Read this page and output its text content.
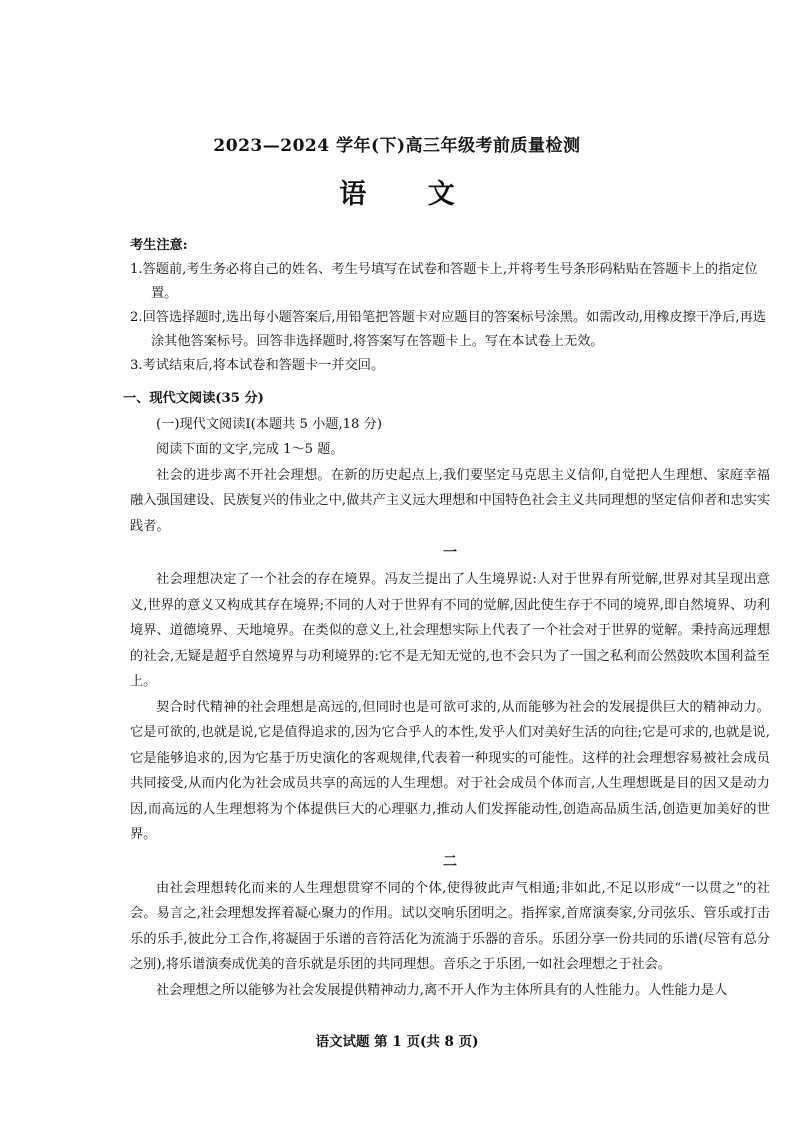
2023—2024 学年(下)高三年级考前质量检测
语 文
考生注意:
1.答题前,考生务必将自己的姓名、考生号填写在试卷和答题卡上,并将考生号条形码粘贴在答题卡上的指定位置。
2.回答选择题时,选出每小题答案后,用铅笔把答题卡对应题目的答案标号涂黑。如需改动,用橡皮擦干净后,再选涂其他答案标号。回答非选择题时,将答案写在答题卡上。写在本试卷上无效。
3.考试结束后,将本试卷和答题卡一并交回。
一、现代文阅读(35 分)
(一)现代文阅读Ⅰ(本题共 5 小题,18 分)
阅读下面的文字,完成 1～5 题。

社会的进步离不开社会理想。在新的历史起点上,我们要坚定马克思主义信仰,自觉把人生理想、家庭幸福融入强国建设、民族复兴的伟业之中,做共产主义远大理想和中国特色社会主义共同理想的坚定信仰者和忠实实践者。

一

社会理想决定了一个社会的存在境界。冯友兰提出了人生境界说:人对于世界有所觉解,世界对其呈现出意义,世界的意义又构成其存在境界;不同的人对于世界有不同的觉解,因此使生存于不同的境界,即自然境界、功利境界、道德境界、天地境界。在类似的意义上,社会理想实际上代表了一个社会对于世界的觉解。秉持高远理想的社会,无疑是超乎自然境界与功利境界的:它不是无知无觉的,也不会只为了一国之私利而公然鼓吹本国利益至上。

契合时代精神的社会理想是高远的,但同时也是可欲可求的,从而能够为社会的发展提供巨大的精神动力。它是可欲的,也就是说,它是值得追求的,因为它合乎人的本性,发乎人们对美好生活的向往;它是可求的,也就是说,它是能够追求的,因为它基于历史演化的客观规律,代表着一种现实的可能性。这样的社会理想容易被社会成员共同接受,从而内化为社会成员共享的高远的人生理想。对于社会成员个体而言,人生理想既是目的因又是动力因,而高远的人生理想将为个体提供巨大的心理驱力,推动人们发挥能动性,创造高品质生活,创造更加美好的世界。

二

由社会理想转化而来的人生理想贯穿不同的个体,使得彼此声气相通;非如此,不足以形成“一以贯之”的社会。易言之,社会理想发挥着凝心聚力的作用。试以交响乐团明之。指挥家,首席演奏家,分司弦乐、管乐或打击乐的乐手,彼此分工合作,将凝固于乐谱的音符活化为流淌于乐器的音乐。乐团分享一份共同的乐谱(尽管有总分之别),将乐谱演奏成优美的音乐就是乐团的共同理想。音乐之于乐团,一如社会理想之于社会。

社会理想之所以能够为社会发展提供精神动力,离不开人作为主体所具有的人性能力。人性能力是人

语文试题 第 1 页(共 8 页)
